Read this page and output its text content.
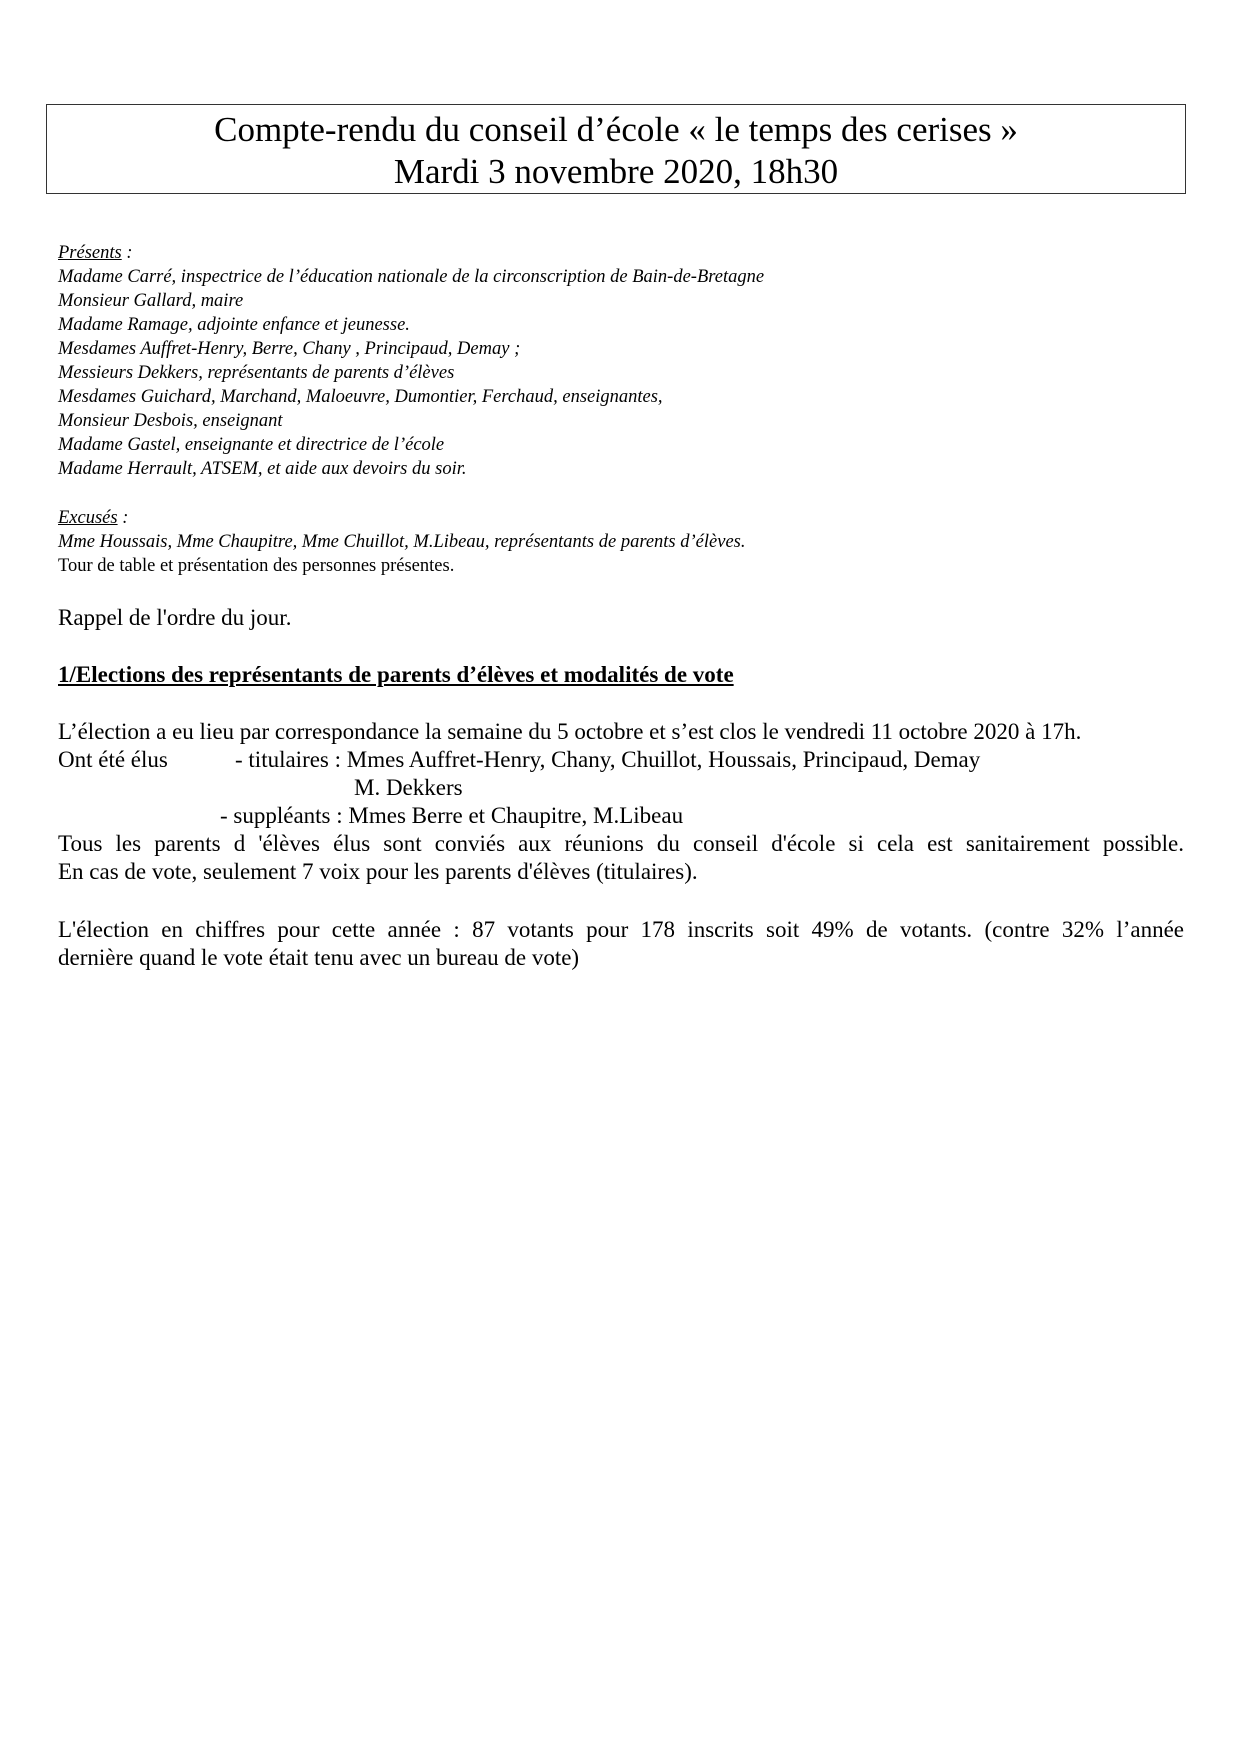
Compte-rendu du conseil d’école « le temps des cerises »
Mardi 3 novembre 2020, 18h30
Présents :
Madame Carré, inspectrice de l’éducation nationale de la circonscription de Bain-de-Bretagne
Monsieur Gallard, maire
Madame Ramage, adjointe enfance et jeunesse.
Mesdames Auffret-Henry, Berre, Chany , Principaud, Demay ;
Messieurs Dekkers, représentants de parents d’élèves
Mesdames Guichard, Marchand, Maloeuvre, Dumontier, Ferchaud, enseignantes,
Monsieur Desbois, enseignant
Madame Gastel, enseignante et directrice de l’école
Madame Herrault, ATSEM, et aide aux devoirs du soir.
Excusés :
Mme Houssais, Mme Chaupitre, Mme Chuillot, M.Libeau, représentants de parents d’élèves.
Tour de table et présentation des personnes présentes.
Rappel de l'ordre du jour.
1/Elections des représentants de parents d’élèves et modalités de vote
L’élection a eu lieu par correspondance la semaine du 5 octobre et s’est clos le vendredi 11 octobre 2020 à 17h.
Ont été élus	- titulaires : Mmes Auffret-Henry, Chany, Chuillot, Houssais, Principaud, Demay
M. Dekkers
- suppléants : Mmes Berre et Chaupitre, M.Libeau
Tous les parents d 'élèves élus sont conviés aux réunions du conseil d'école si cela est sanitairement possible.
En cas de vote, seulement 7 voix pour les parents d'élèves (titulaires).
L'élection en chiffres pour cette année : 87 votants pour 178 inscrits soit 49% de votants. (contre 32% l’année
dernière quand le vote était tenu avec un bureau de vote)
